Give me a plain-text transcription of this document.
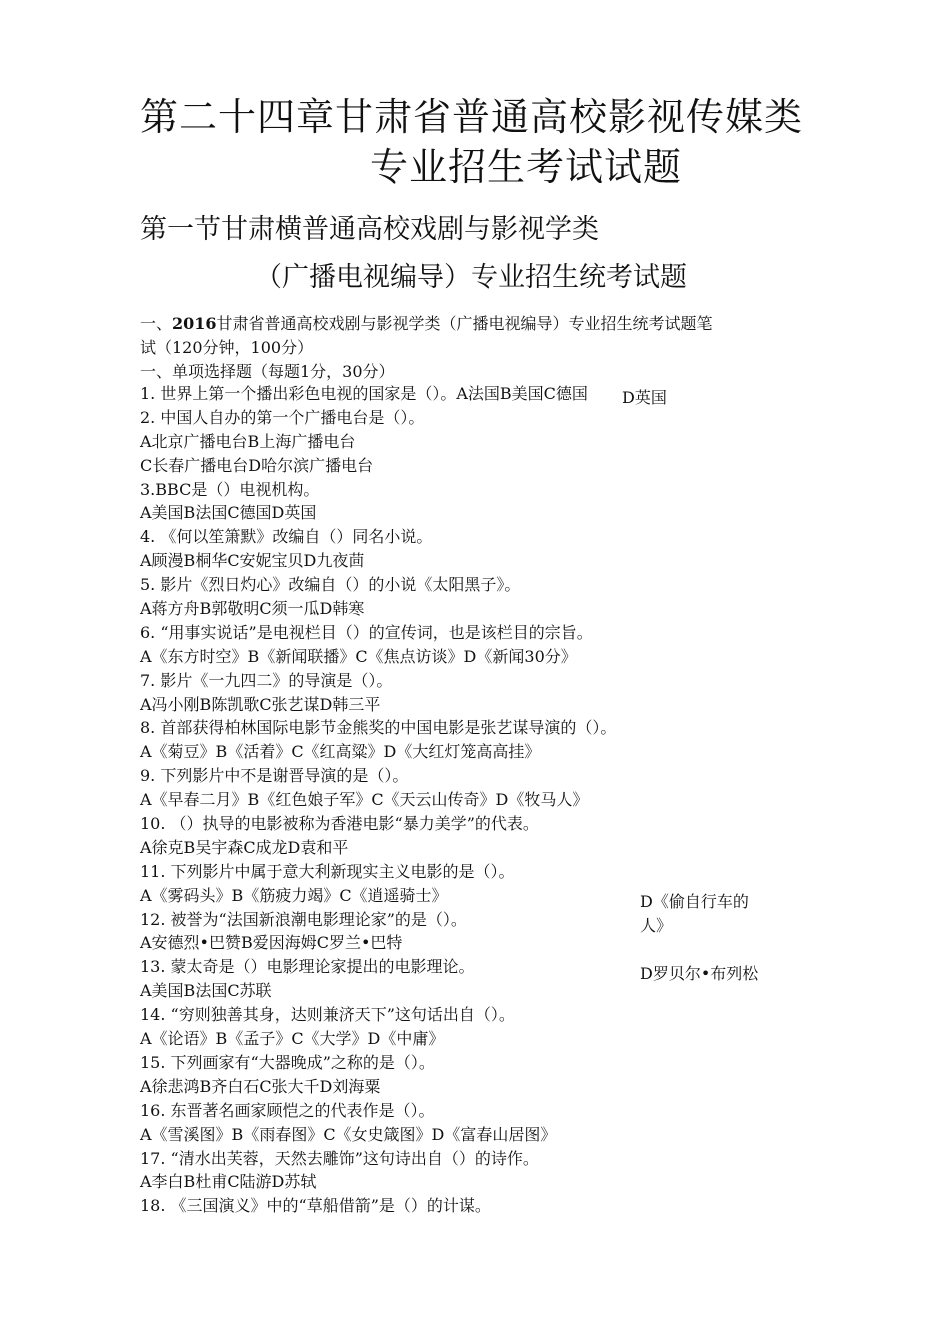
第二十四章甘肃省普通高校影视传媒类
专业招生考试试题
第一节甘肃横普通高校戏剧与影视学类
（广播电视编导）专业招生统考试题
一、2016甘肃省普通高校戏剧与影视学类（广播电视编导）专业招生统考试题笔
试（120分钟，100分）
一、单项选择题（每题1分，30分）
1. 世界上第一个播出彩色电视的国家是（）。A法国B美国C德国
2. 中国人自办的第一个广播电台是（）。
A北京广播电台B上海广播电台
C长春广播电台D哈尔滨广播电台
3.BBC是（）电视机构。
A美国B法国C德国D英国
4. 《何以笙箫默》改编自（）同名小说。
A顾漫B桐华C安妮宝贝D九夜茴
5. 影片《烈日灼心》改编自（）的小说《太阳黑子》。
A蒋方舟B郭敬明C须一瓜D韩寒
6. “用事实说话”是电视栏目（）的宣传词，也是该栏目的宗旨。
A《东方时空》B《新闻联播》C《焦点访谈》D《新闻30分》
7. 影片《一九四二》的导演是（）。
A冯小刚B陈凯歌C张艺谋D韩三平
8. 首部获得柏林国际电影节金熊奖的中国电影是张艺谋导演的（）。
A《菊豆》B《活着》C《红高粱》D《大红灯笼高高挂》
9. 下列影片中不是谢晋导演的是（）。
A《早春二月》B《红色娘子军》C《天云山传奇》D《牧马人》
10. （）执导的电影被称为香港电影“暴力美学”的代表。
A徐克B吴宇森C成龙D袁和平
11. 下列影片中属于意大利新现实主义电影的是（）。
A《雾码头》B《筋疲力竭》C《逍遥骑士》
12. 被誉为“法国新浪潮电影理论家”的是（）。
A安德烈•巴赞B爱因海姆C罗兰•巴特
13. 蒙太奇是（）电影理论家提出的电影理论。
A美国B法国C苏联
14. “穷则独善其身，达则兼济天下”这句话出自（）。
A《论语》B《孟子》C《大学》D《中庸》
15. 下列画家有“大器晚成”之称的是（）。
A徐悲鸿B齐白石C张大千D刘海粟
16. 东晋著名画家顾恺之的代表作是（）。
A《雪溪图》B《雨春图》C《女史箴图》D《富春山居图》
17. “清水出芙蓉，天然去雕饰”这句诗出自（）的诗作。
A李白B杜甫C陆游D苏轼
18. 《三国演义》中的“草船借箭”是（）的计谋。
D英国
D《偷自行车的
人》
D罗贝尔•布列松
